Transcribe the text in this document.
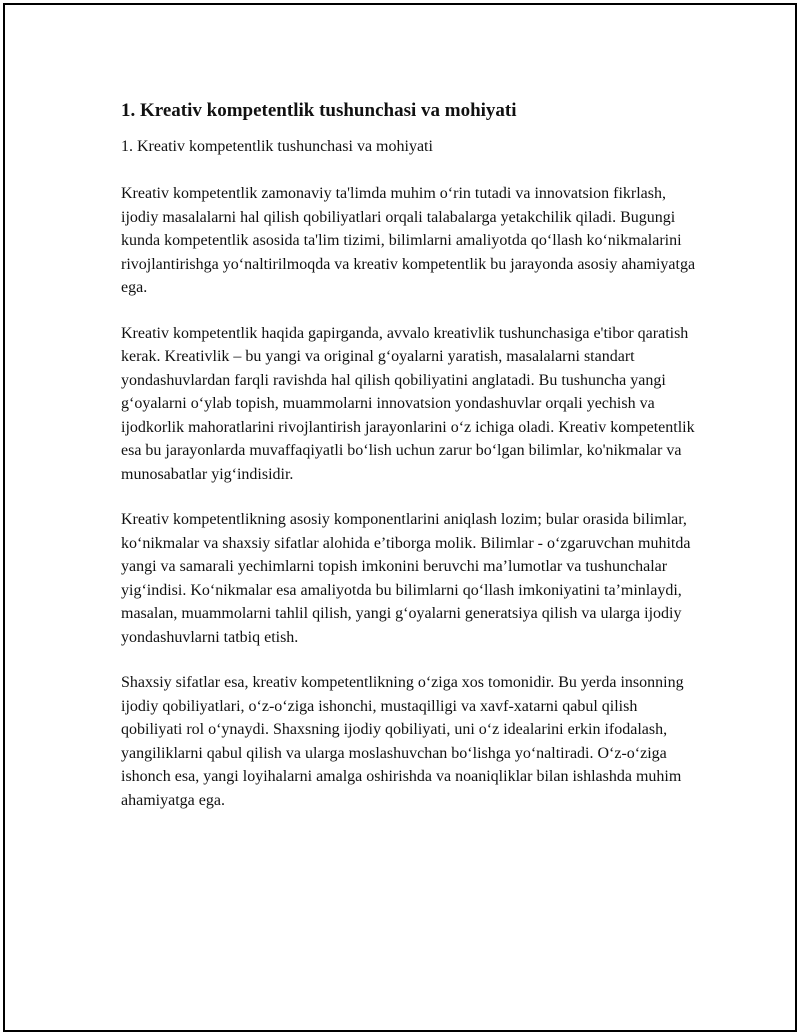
1. Kreativ kompetentlik tushunchasi va mohiyati

1. Kreativ kompetentlik tushunchasi va mohiyati

Kreativ kompetentlik zamonaviy ta'limda muhim o‘rin tutadi va innovatsion fikrlash, ijodiy masalalarni hal qilish qobiliyatlari orqali talabalarga yetakchilik qiladi. Bugungi kunda kompetentlik asosida ta'lim tizimi, bilimlarni amaliyotda qo‘llash ko‘nikmalarini rivojlantirishga yo‘naltirilmoqda va kreativ kompetentlik bu jarayonda asosiy ahamiyatga ega.

Kreativ kompetentlik haqida gapirganda, avvalo kreativlik tushunchasiga e'tibor qaratish kerak. Kreativlik – bu yangi va original g‘oyalarni yaratish, masalalarni standart yondashuvlardan farqli ravishda hal qilish qobiliyatini anglatadi. Bu tushuncha yangi g‘oyalarni o‘ylab topish, muammolarni innovatsion yondashuvlar orqali yechish va ijodkorlik mahoratlarini rivojlantirish jarayonlarini o‘z ichiga oladi. Kreativ kompetentlik esa bu jarayonlarda muvaffaqiyatli bo‘lish uchun zarur bo‘lgan bilimlar, ko'nikmalar va munosabatlar yig‘indisidir.

Kreativ kompetentlikning asosiy komponentlarini aniqlash lozim; bular orasida bilimlar, ko‘nikmalar va shaxsiy sifatlar alohida e’tiborga molik. Bilimlar - o‘zgaruvchan muhitda yangi va samarali yechimlarni topish imkonini beruvchi ma’lumotlar va tushunchalar yig‘indisi. Ko‘nikmalar esa amaliyotda bu bilimlarni qo‘llash imkoniyatini ta’minlaydi, masalan, muammolarni tahlil qilish, yangi g‘oyalarni generatsiya qilish va ularga ijodiy yondashuvlarni tatbiq etish.

Shaxsiy sifatlar esa, kreativ kompetentlikning o‘ziga xos tomonidir. Bu yerda insonning ijodiy qobiliyatlari, o‘z-o‘ziga ishonchi, mustaqilligi va xavf-xatarni qabul qilish qobiliyati rol o‘ynaydi. Shaxsning ijodiy qobiliyati, uni o‘z idealarini erkin ifodalash, yangiliklarni qabul qilish va ularga moslashuvchan bo‘lishga yo‘naltiradi. O‘z-o‘ziga ishonch esa, yangi loyihalarni amalga oshirishda va noaniqliklar bilan ishlashda muhim ahamiyatga ega.
